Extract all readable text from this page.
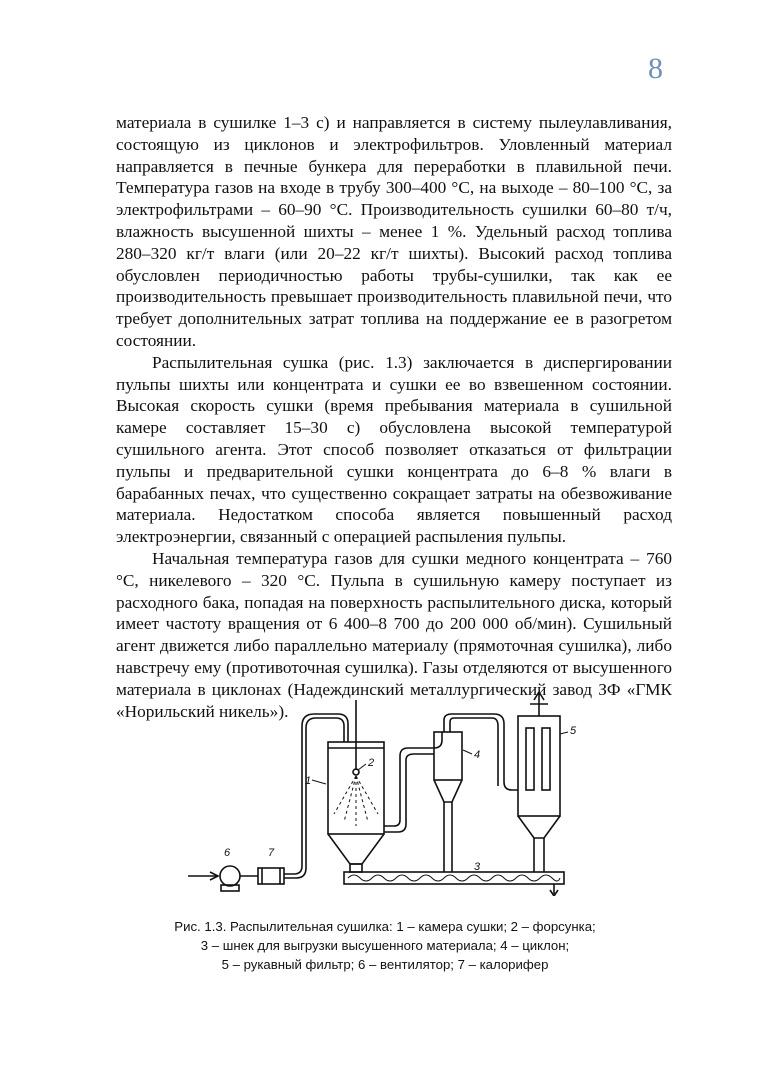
8

материала в сушилке 1–3 с) и направляется в систему пылеулавливания, состоящую из циклонов и электрофильтров. Уловленный материал направляется в печные бункера для переработки в плавильной печи. Температура газов на входе в трубу 300–400 °С, на выходе – 80–100 °С, за электрофильтрами – 60–90 °С. Производительность сушилки 60–80 т/ч, влажность высушенной шихты – менее 1 %. Удельный расход топлива 280–320 кг/т влаги (или 20–22 кг/т шихты). Высокий расход топлива обусловлен периодичностью работы трубы-сушилки, так как ее производительность превышает производительность плавильной печи, что требует дополнительных затрат топлива на поддержание ее в разогретом состоянии.

Распылительная сушка (рис. 1.3) заключается в диспергировании пульпы шихты или концентрата и сушки ее во взвешенном состоянии. Высокая скорость сушки (время пребывания материала в сушильной камере составляет 15–30 с) обусловлена высокой температурой сушильного агента. Этот способ позволяет отказаться от фильтрации пульпы и предварительной сушки концентрата до 6–8 % влаги в барабанных печах, что существенно сокращает затраты на обезвоживание материала. Недостатком способа является повышенный расход электроэнергии, связанный с операцией распыления пульпы.

Начальная температура газов для сушки медного концентрата – 760 °С, никелевого – 320 °С. Пульпа в сушильную камеру поступает из расходного бака, попадая на поверхность распылительного диска, который имеет частоту вращения от 6 400–8 700 до 200 000 об/мин). Сушильный агент движется либо параллельно материалу (прямоточная сушилка), либо навстречу ему (противоточная сушилка). Газы отделяются от высушенного материала в циклонах (Надеждинский металлургический завод ЗФ «ГМК «Норильский никель»).

1
2
3
4
5
6	7
Рис. 1.3. Распылительная сушилка: 1 – камера сушки; 2 – форсунка;
3 – шнек для выгрузки высушенного материала; 4 – циклон;
5 – рукавный фильтр; 6 – вентилятор; 7 – калорифер
